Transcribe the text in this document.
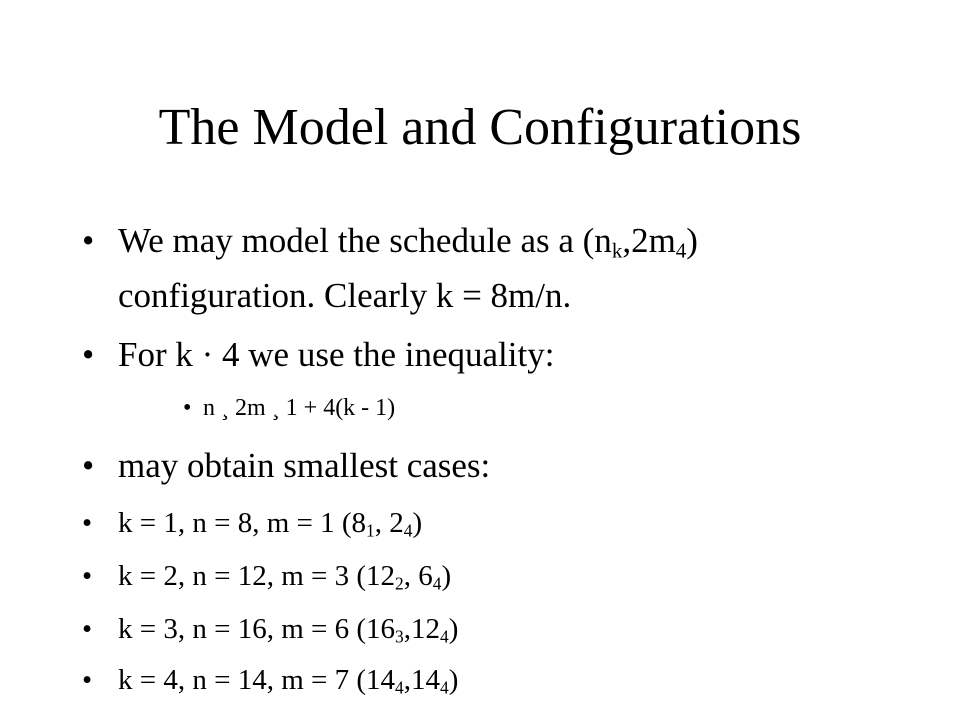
The Model and Configurations
• We may model the schedule as a $(n_k,2m_4)$
configuration. Clearly k = 8m/n.
• For k · 4 we use the inequality:
• n ¸ 2m ¸ 1 + 4(k - 1)
• may obtain smallest cases:
• k = 1, n = 8, m = 1 ($8_1$, $2_4$)
• k = 2, n = 12, m = 3 ($12_2$, $6_4$)
• k = 3, n = 16, m = 6 $(16_3,12_4)$
• k = 4, n = 14, m = 7 $(14_4,14_4)$
